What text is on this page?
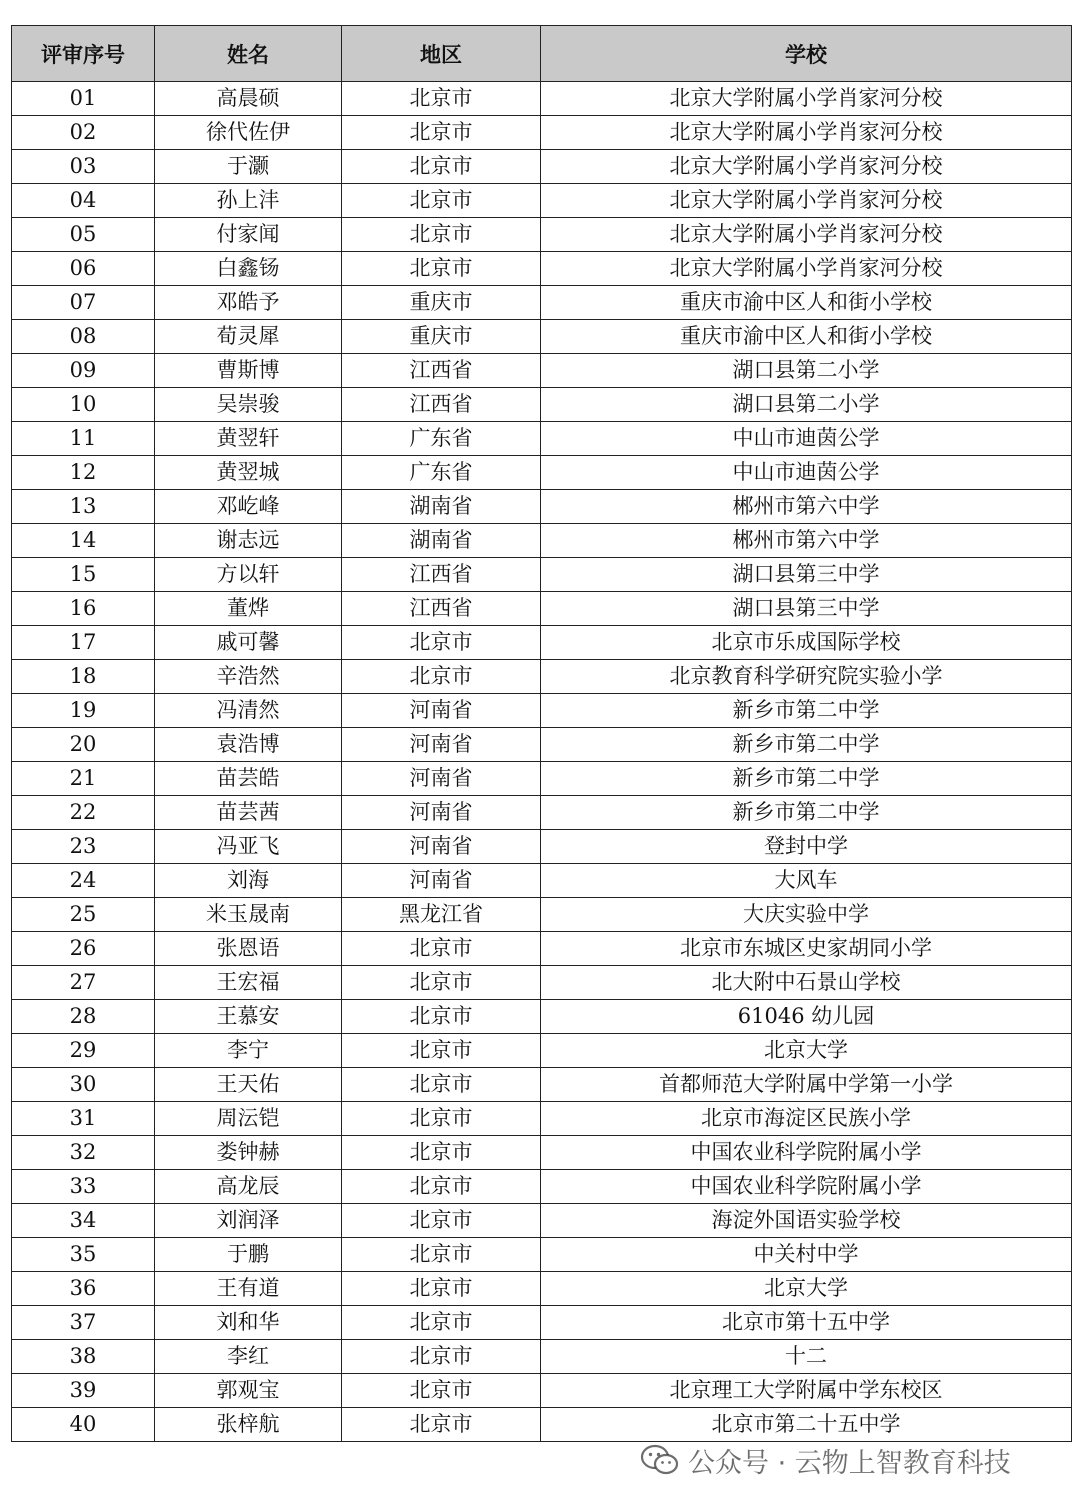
评审序号	姓名	地区	学校
01	高晨硕	北京市	北京大学附属小学肖家河分校
02	徐代佐伊	北京市	北京大学附属小学肖家河分校
03	于灏	北京市	北京大学附属小学肖家河分校
04	孙上沣	北京市	北京大学附属小学肖家河分校
05	付家闻	北京市	北京大学附属小学肖家河分校
06	白鑫钖	北京市	北京大学附属小学肖家河分校
07	邓皓予	重庆市	重庆市渝中区人和街小学校
08	荀灵犀	重庆市	重庆市渝中区人和街小学校
09	曹斯博	江西省	湖口县第二小学
10	吴崇骏	江西省	湖口县第二小学
11	黄翌轩	广东省	中山市迪茵公学
12	黄翌城	广东省	中山市迪茵公学
13	邓屹峰	湖南省	郴州市第六中学
14	谢志远	湖南省	郴州市第六中学
15	方以轩	江西省	湖口县第三中学
16	董烨	江西省	湖口县第三中学
17	戚可馨	北京市	北京市乐成国际学校
18	辛浩然	北京市	北京教育科学研究院实验小学
19	冯清然	河南省	新乡市第二中学
20	袁浩博	河南省	新乡市第二中学
21	苗芸皓	河南省	新乡市第二中学
22	苗芸茜	河南省	新乡市第二中学
23	冯亚飞	河南省	登封中学
24	刘海	河南省	大风车
25	米玉晟南	黑龙江省	大庆实验中学
26	张恩语	北京市	北京市东城区史家胡同小学
27	王宏福	北京市	北大附中石景山学校
28	王慕安	北京市	61046 幼儿园
29	李宁	北京市	北京大学
30	王天佑	北京市	首都师范大学附属中学第一小学
31	周沄铠	北京市	北京市海淀区民族小学
32	娄钟赫	北京市	中国农业科学院附属小学
33	高龙辰	北京市	中国农业科学院附属小学
34	刘润泽	北京市	海淀外国语实验学校
35	于鹏	北京市	中关村中学
36	王有道	北京市	北京大学
37	刘和华	北京市	北京市第十五中学
38	李红	北京市	十二
39	郭观宝	北京市	北京理工大学附属中学东校区
40	张梓航	北京市	北京市第二十五中学
公众号 · 云物上智教育科技
